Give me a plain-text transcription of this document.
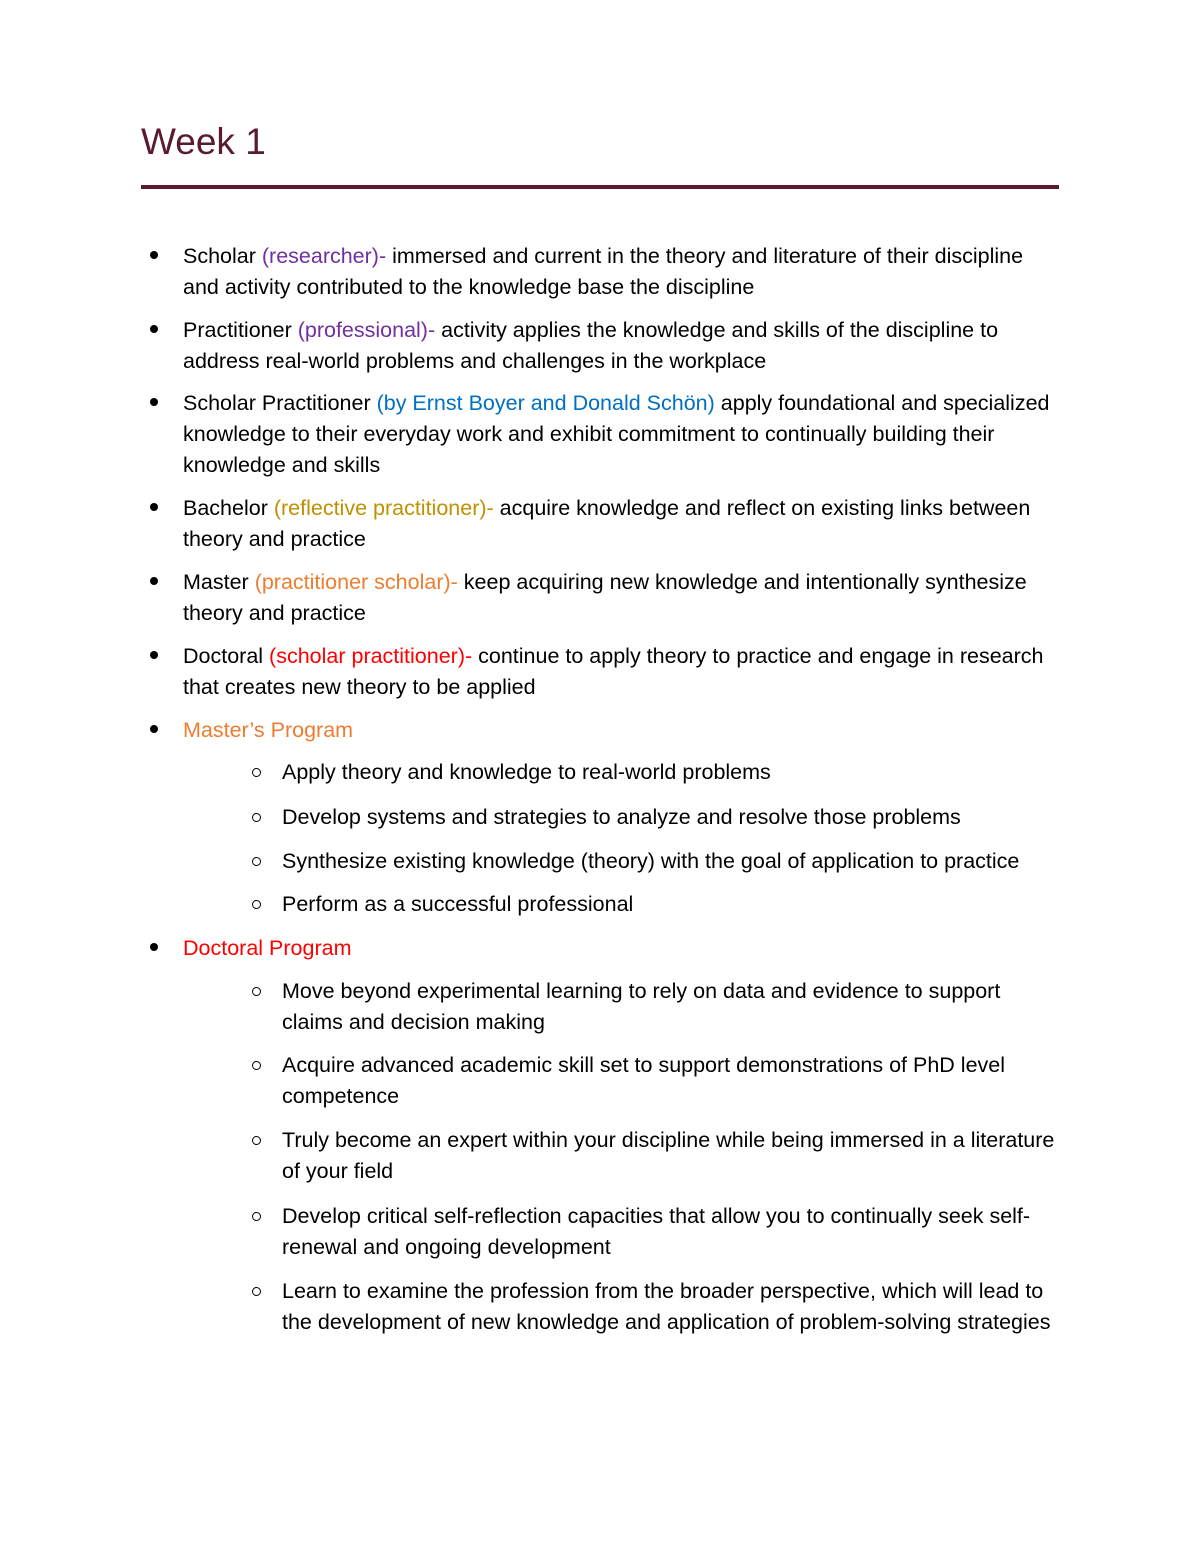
Week 1
Scholar (researcher)- immersed and current in the theory and literature of their discipline and activity contributed to the knowledge base the discipline
Practitioner (professional)- activity applies the knowledge and skills of the discipline to address real-world problems and challenges in the workplace
Scholar Practitioner (by Ernst Boyer and Donald Schön) apply foundational and specialized knowledge to their everyday work and exhibit commitment to continually building their knowledge and skills
Bachelor (reflective practitioner)- acquire knowledge and reflect on existing links between theory and practice
Master (practitioner scholar)- keep acquiring new knowledge and intentionally synthesize theory and practice
Doctoral (scholar practitioner)- continue to apply theory to practice and engage in research that creates new theory to be applied
Master’s Program
Apply theory and knowledge to real-world problems
Develop systems and strategies to analyze and resolve those problems
Synthesize existing knowledge (theory) with the goal of application to practice
Perform as a successful professional
Doctoral Program
Move beyond experimental learning to rely on data and evidence to support claims and decision making
Acquire advanced academic skill set to support demonstrations of PhD level competence
Truly become an expert within your discipline while being immersed in a literature of your field
Develop critical self-reflection capacities that allow you to continually seek self-renewal and ongoing development
Learn to examine the profession from the broader perspective, which will lead to the development of new knowledge and application of problem-solving strategies
